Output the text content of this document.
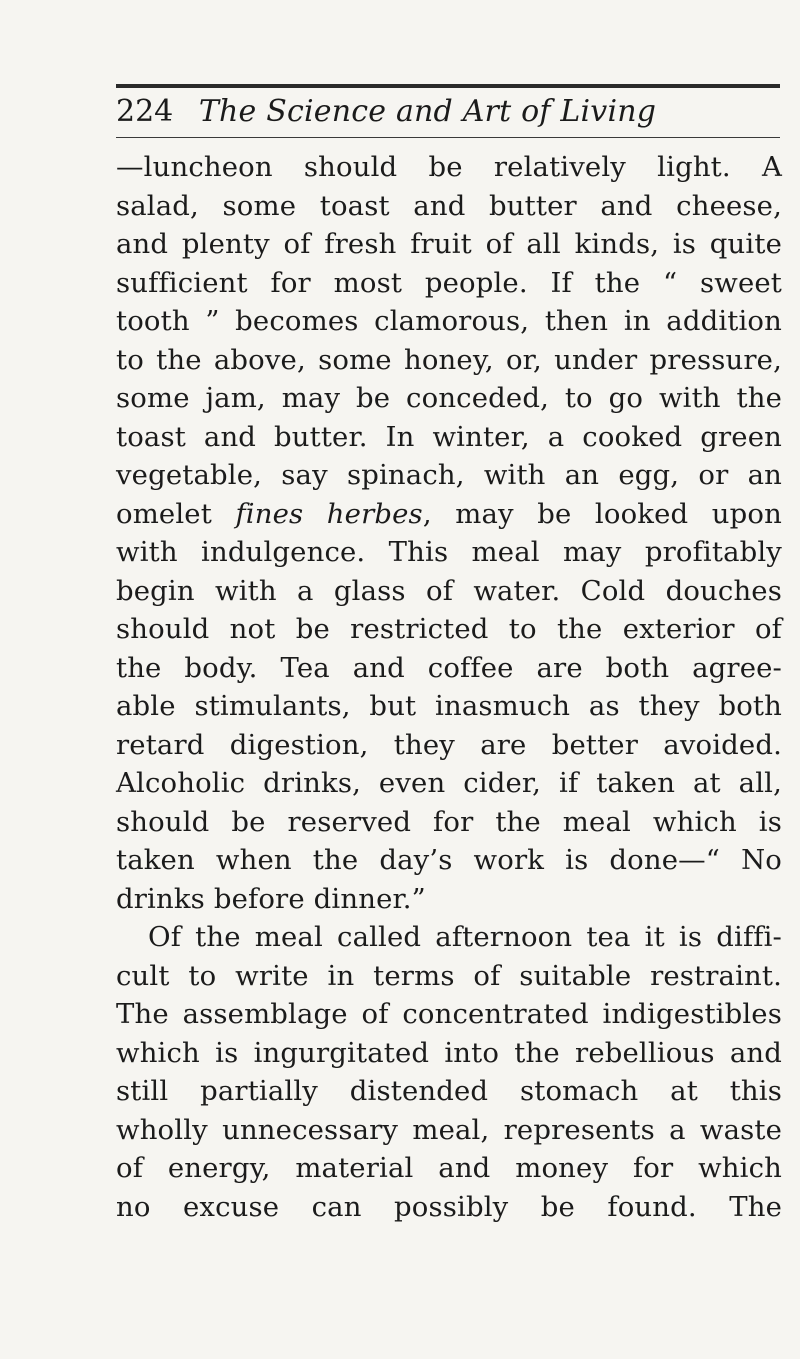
224 The Science and Art of Living
—luncheon should be relatively light. A
salad, some toast and butter and cheese,
and plenty of fresh fruit of all kinds, is quite
sufficient for most people. If the “ sweet
tooth ” becomes clamorous, then in addition
to the above, some honey, or, under pressure,
some jam, may be conceded, to go with the
toast and butter. In winter, a cooked green
vegetable, say spinach, with an egg, or an
omelet fines herbes, may be looked upon
with indulgence. This meal may profitably
begin with a glass of water. Cold douches
should not be restricted to the exterior of
the body. Tea and coffee are both agree-
able stimulants, but inasmuch as they both
retard digestion, they are better avoided.
Alcoholic drinks, even cider, if taken at all,
should be reserved for the meal which is
taken when the day’s work is done—“ No
drinks before dinner.”
Of the meal called afternoon tea it is diffi-
cult to write in terms of suitable restraint.
The assemblage of concentrated indigestibles
which is ingurgitated into the rebellious and
still partially distended stomach at this
wholly unnecessary meal, represents a waste
of energy, material and money for which
no excuse can possibly be found. The
